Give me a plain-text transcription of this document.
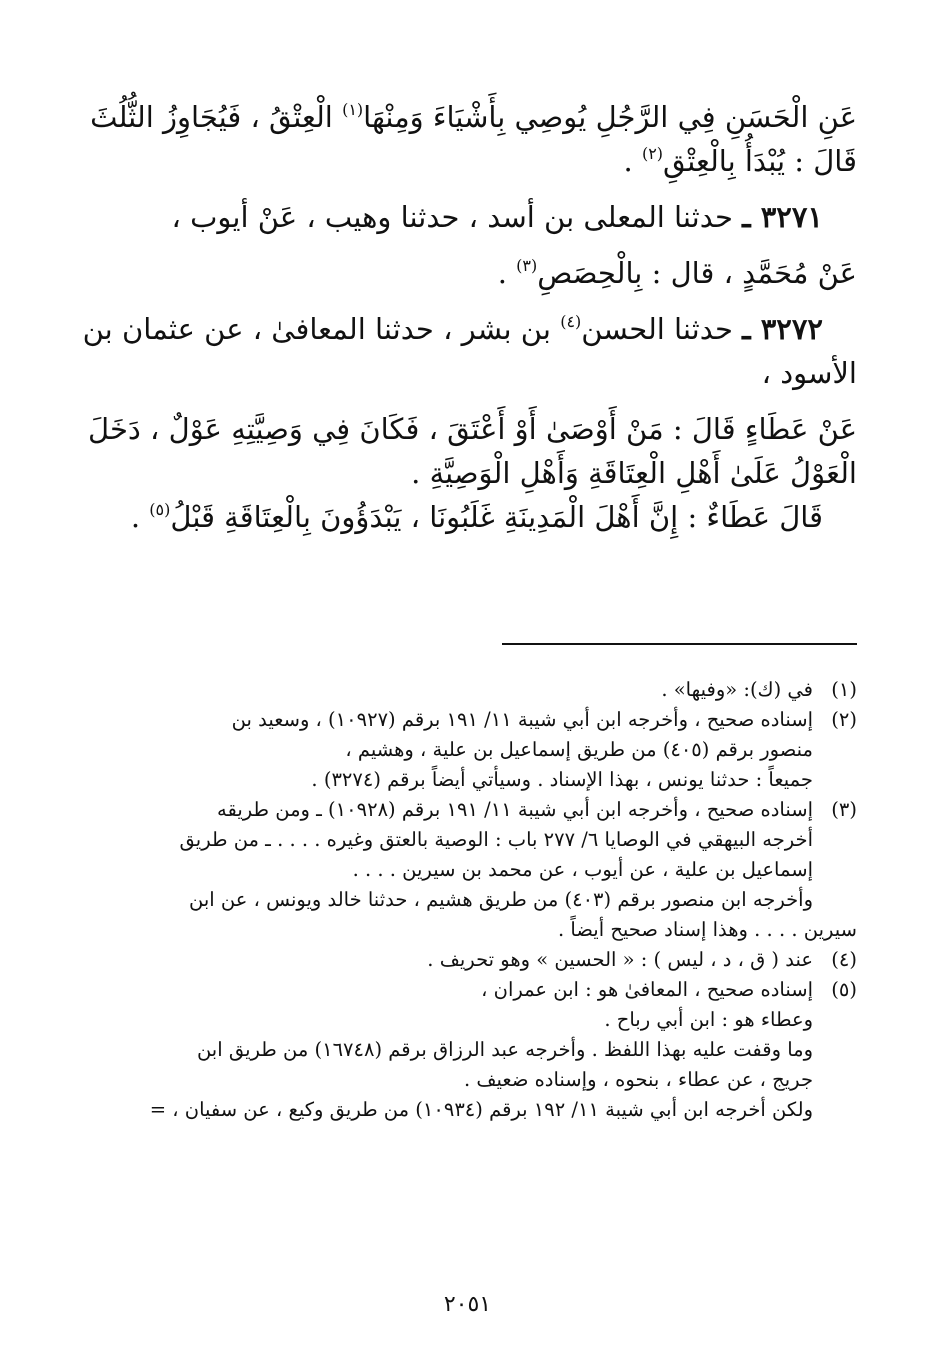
عَنِ الْحَسَنِ فِي الرَّجُلِ يُوصِي بِأَشْيَاءَ وَمِنْهَا$^{(١)}$ الْعِتْقُ ، فَيُجَاوِزُ الثُّلُثَ
قَالَ : يُبْدَأُ بِالْعِتْقِ$^{(٢)}$ .
٣٢٧١ ـ حدثنا المعلى بن أسد ، حدثنا وهيب ، عَنْ أيوب ،
عَنْ مُحَمَّدٍ ، قال : بِالْحِصَصِ$^{(٣)}$ .
٣٢٧٢ ـ حدثنا الحسن$^{(٤)}$ بن بشر ، حدثنا المعافىٰ ، عن عثمان بن
الأسود ،
عَنْ عَطَاءٍ قَالَ : مَنْ أَوْصَىٰ أَوْ أَعْتَقَ ، فَكَانَ فِي وَصِيَّتِهِ عَوْلٌ ، دَخَلَ
الْعَوْلُ عَلَىٰ أَهْلِ الْعِتَاقَةِ وَأَهْلِ الْوَصِيَّةِ .
قَالَ عَطَاءٌ : إِنَّ أَهْلَ الْمَدِينَةِ غَلَبُونَا ، يَبْدَؤُونَ بِالْعِتَاقَةِ قَبْلُ$^{(٥)}$ .
(١)
في (ك): «وفيها» .
(٢)
إسناده صحيح ، وأخرجه ابن أبي شيبة ١١/ ١٩١ برقم (١٠٩٢٧) ، وسعيد بن
منصور برقم (٤٠٥) من طريق إسماعيل بن علية ، وهشيم ،
جميعاً : حدثنا يونس ، بهذا الإسناد . وسيأتي أيضاً برقم (٣٢٧٤) .
(٣)
إسناده صحيح ، وأخرجه ابن أبي شيبة ١١/ ١٩١ برقم (١٠٩٢٨) ـ ومن طريقه
أخرجه البيهقي في الوصايا ٦/ ٢٧٧ باب : الوصية بالعتق وغيره . . . . ـ من طريق
إسماعيل بن علية ، عن أيوب ، عن محمد بن سيرين . . . .
وأخرجه ابن منصور برقم (٤٠٣) من طريق هشيم ، حدثنا خالد ويونس ، عن ابن
سيرين . . . . وهذا إسناد صحيح أيضاً .
(٤)
عند ( ق ، د ، ليس ) : « الحسين » وهو تحريف .
(٥)
إسناده صحيح ، المعافىٰ هو : ابن عمران ،
وعطاء هو : ابن أبي رباح .
وما وقفت عليه بهذا اللفظ . وأخرجه عبد الرزاق برقم (١٦٧٤٨) من طريق ابن
جريج ، عن عطاء ، بنحوه ، وإسناده ضعيف .
ولكن أخرجه ابن أبي شيبة ١١/ ١٩٢ برقم (١٠٩٣٤) من طريق وكيع ، عن سفيان ، =
٢٠٥١
